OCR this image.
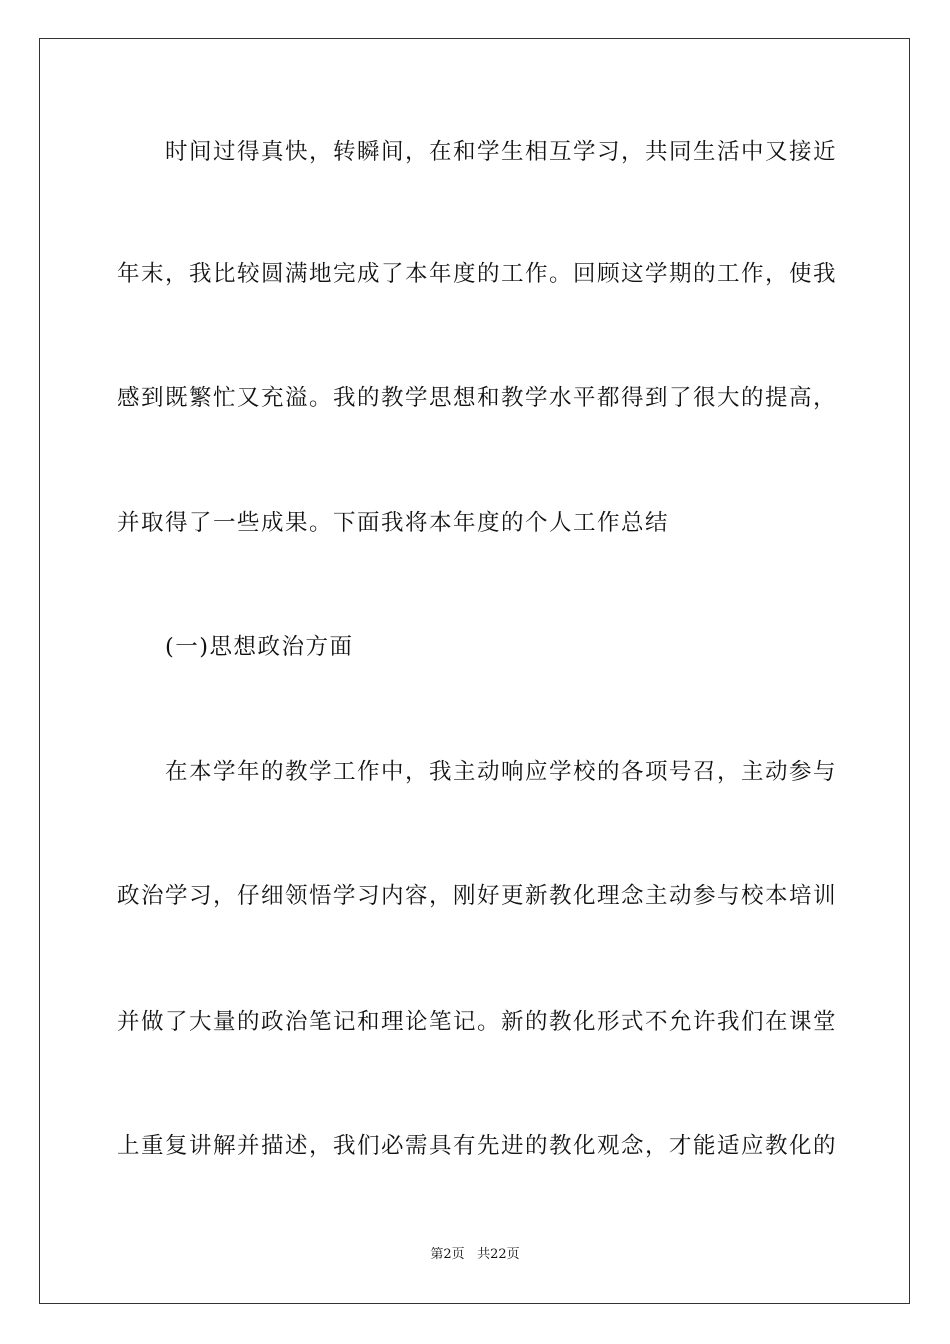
时间过得真快，转瞬间，在和学生相互学习，共同生活中又接近
年末，我比较圆满地完成了本年度的工作。回顾这学期的工作，使我
感到既繁忙又充溢。我的教学思想和教学水平都得到了很大的提高，
并取得了一些成果。下面我将本年度的个人工作总结
(一)思想政治方面
在本学年的教学工作中，我主动响应学校的各项号召，主动参与
政治学习，仔细领悟学习内容，刚好更新教化理念主动参与校本培训
并做了大量的政治笔记和理论笔记。新的教化形式不允许我们在课堂
上重复讲解并描述，我们必需具有先进的教化观念，才能适应教化的
第2页 共22页
